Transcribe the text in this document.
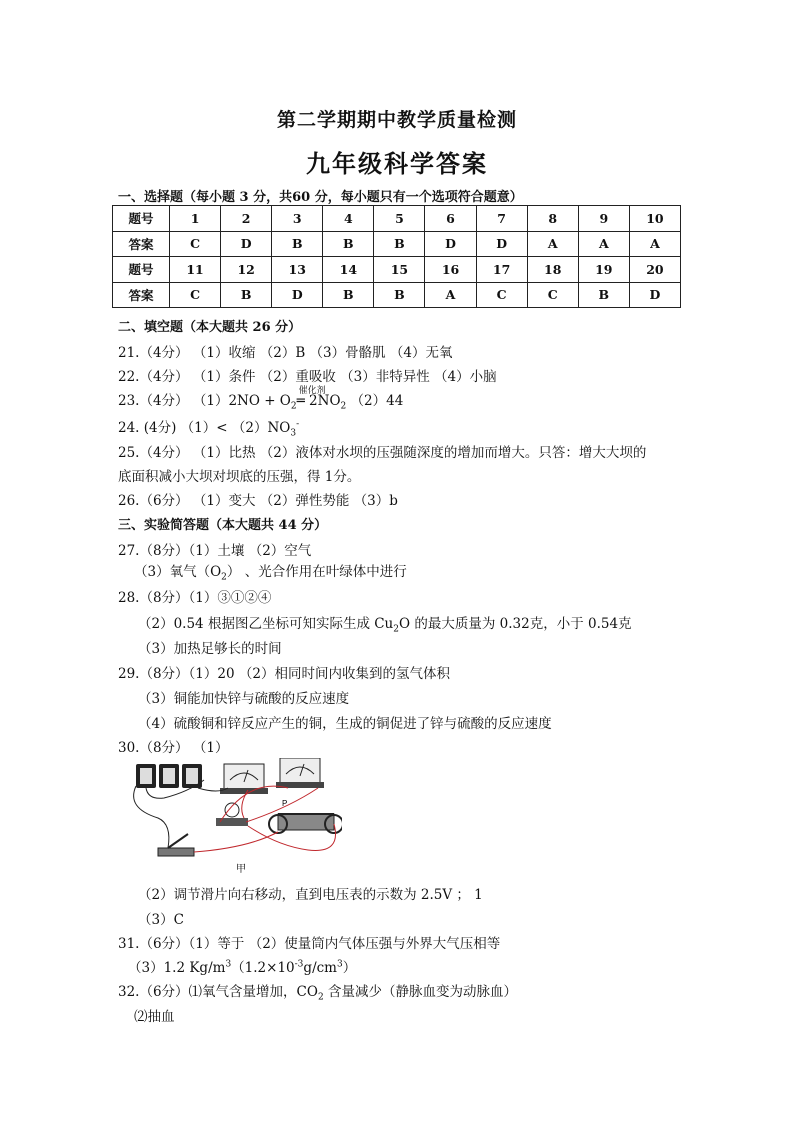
第二学期期中教学质量检测
九年级科学答案
一、选择题（每小题 3 分，共60 分，每小题只有一个选项符合题意）
题号	1	2	3	4	5	6	7	8	9	10
答案	C	D	B	B	B	D	D	A	A	A
题号	11	12	13	14	15	16	17	18	19	20
答案	C	B	D	B	B	A	C	C	B	D
二、填空题（本大题共 26 分）
21.（4分） （1）收缩 （2）B （3）骨骼肌 （4）无氧
22.（4分） （1）条件 （2）重吸收 （3）非特异性 （4）小脑
23.（4分） $(1)2NO + O_2$
催化剂
═ $2NO_2$ （2）44
24. (4分) $(1)< (2)NO_3^-$
25.（4分） （1）比热 （2）液体对水坝的压强随深度的增加而增大。只答：增大大坝的
底面积减小大坝对坝底的压强，得 1分。
26.（6分） （1）变大 （2）弹性势能 （3）b
三、实验简答题（本大题共 44 分）
27.（8分）（1）土壤 （2）空气
（3）氧气$(O_2)$ 、光合作用在叶绿体中进行
28.（8分）（1）③①②④
（2）0.54 根据图乙坐标可知实际生成 $Cu_2O$ 的最大质量为 0.32克，小于 0.54克
（3）加热足够长的时间
29.（8分）（1）20 （2）相同时间内收集到的氢气体积
（3）铜能加快锌与硫酸的反应速度
（4）硫酸铜和锌反应产生的铜，生成的铜促进了锌与硫酸的反应速度
30.（8分） （1）
P
甲
（2）调节滑片向右移动，直到电压表的示数为 2.5V ； 1
（3）C
31.（6分）（1）等于 （2）使量筒内气体压强与外界大气压相等
（3）1.2 $Kg/m^3(1.2\times 10^{-3}g/cm^3)$
32.（6分）⑴氧气含量增加，$CO_2$ 含量减少（静脉血变为动脉血）
⑵抽血
